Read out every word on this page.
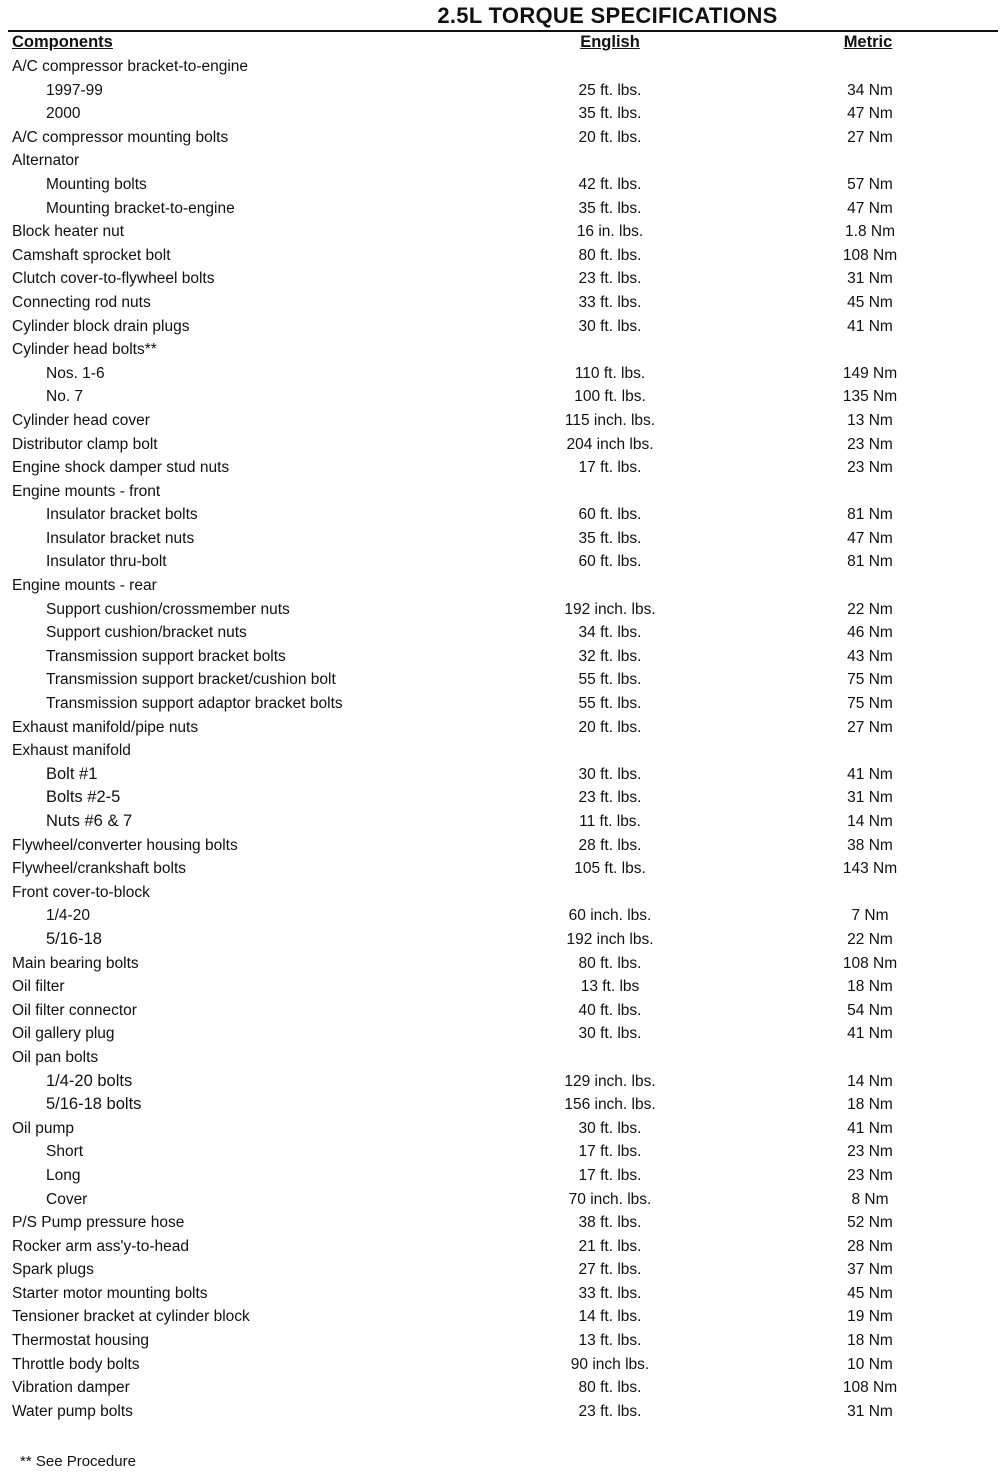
2.5L TORQUE SPECIFICATIONS
Components	English	Metric
A/C compressor bracket-to-engine
1997-99	25 ft. lbs.	34 Nm
2000	35 ft. lbs.	47 Nm
A/C compressor mounting bolts	20 ft. lbs.	27 Nm
Alternator
Mounting bolts	42 ft. lbs.	57 Nm
Mounting bracket-to-engine	35 ft. lbs.	47 Nm
Block heater nut	16 in. lbs.	1.8 Nm
Camshaft sprocket bolt	80 ft. lbs.	108 Nm
Clutch cover-to-flywheel bolts	23 ft. lbs.	31 Nm
Connecting rod nuts	33 ft. lbs.	45 Nm
Cylinder block drain plugs	30 ft. lbs.	41 Nm
Cylinder head bolts**
Nos. 1-6	110 ft. lbs.	149 Nm
No. 7	100 ft. lbs.	135 Nm
Cylinder head cover	115 inch. lbs.	13 Nm
Distributor clamp bolt	204 inch lbs.	23 Nm
Engine shock damper stud nuts	17 ft. lbs.	23 Nm
Engine mounts - front
Insulator bracket bolts	60 ft. lbs.	81 Nm
Insulator bracket nuts	35 ft. lbs.	47 Nm
Insulator thru-bolt	60 ft. lbs.	81 Nm
Engine mounts - rear
Support cushion/crossmember nuts	192 inch. lbs.	22 Nm
Support cushion/bracket nuts	34 ft. lbs.	46 Nm
Transmission support bracket bolts	32 ft. lbs.	43 Nm
Transmission support bracket/cushion bolt	55 ft. lbs.	75 Nm
Transmission support adaptor bracket bolts	55 ft. lbs.	75 Nm
Exhaust manifold/pipe nuts	20 ft. lbs.	27 Nm
Exhaust manifold
Bolt #1	30 ft. lbs.	41 Nm
Bolts #2-5	23 ft. lbs.	31 Nm
Nuts #6 & 7	11 ft. lbs.	14 Nm
Flywheel/converter housing bolts	28 ft. lbs.	38 Nm
Flywheel/crankshaft bolts	105 ft. lbs.	143 Nm
Front cover-to-block
1/4-20	60 inch. lbs.	7 Nm
5/16-18	192 inch lbs.	22 Nm
Main bearing bolts	80 ft. lbs.	108 Nm
Oil filter	13 ft. lbs	18 Nm
Oil filter connector	40 ft. lbs.	54 Nm
Oil gallery plug	30 ft. lbs.	41 Nm
Oil pan bolts
1/4-20 bolts	129 inch. lbs.	14 Nm
5/16-18 bolts	156 inch. lbs.	18 Nm
Oil pump	30 ft. lbs.	41 Nm
Short	17 ft. lbs.	23 Nm
Long	17 ft. lbs.	23 Nm
Cover	70 inch. lbs.	8 Nm
P/S Pump pressure hose	38 ft. lbs.	52 Nm
Rocker arm ass'y-to-head	21 ft. lbs.	28 Nm
Spark plugs	27 ft. lbs.	37 Nm
Starter motor mounting bolts	33 ft. lbs.	45 Nm
Tensioner bracket at cylinder block	14 ft. lbs.	19 Nm
Thermostat housing	13 ft. lbs.	18 Nm
Throttle body bolts	90 inch lbs.	10 Nm
Vibration damper	80 ft. lbs.	108 Nm
Water pump bolts	23 ft. lbs.	31 Nm
** See Procedure
